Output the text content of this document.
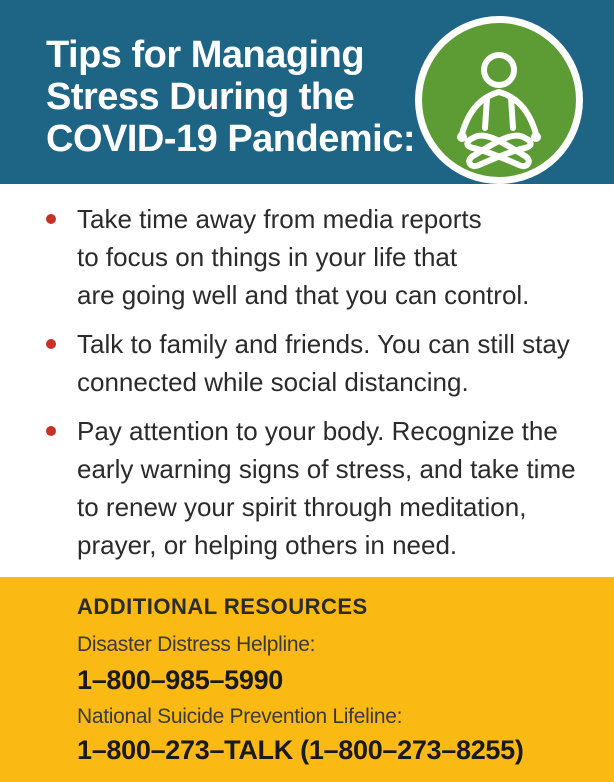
Tips for Managing
Stress During the
COVID-19 Pandemic:
Take time away from media reports
to focus on things in your life that
are going well and that you can control.
Talk to family and friends. You can still stay
connected while social distancing.
Pay attention to your body. Recognize the
early warning signs of stress, and take time
to renew your spirit through meditation,
prayer, or helping others in need.
ADDITIONAL RESOURCES
Disaster Distress Helpline:
1–800–985–5990
National Suicide Prevention Lifeline:
1–800–273–TALK (1–800–273–8255)
